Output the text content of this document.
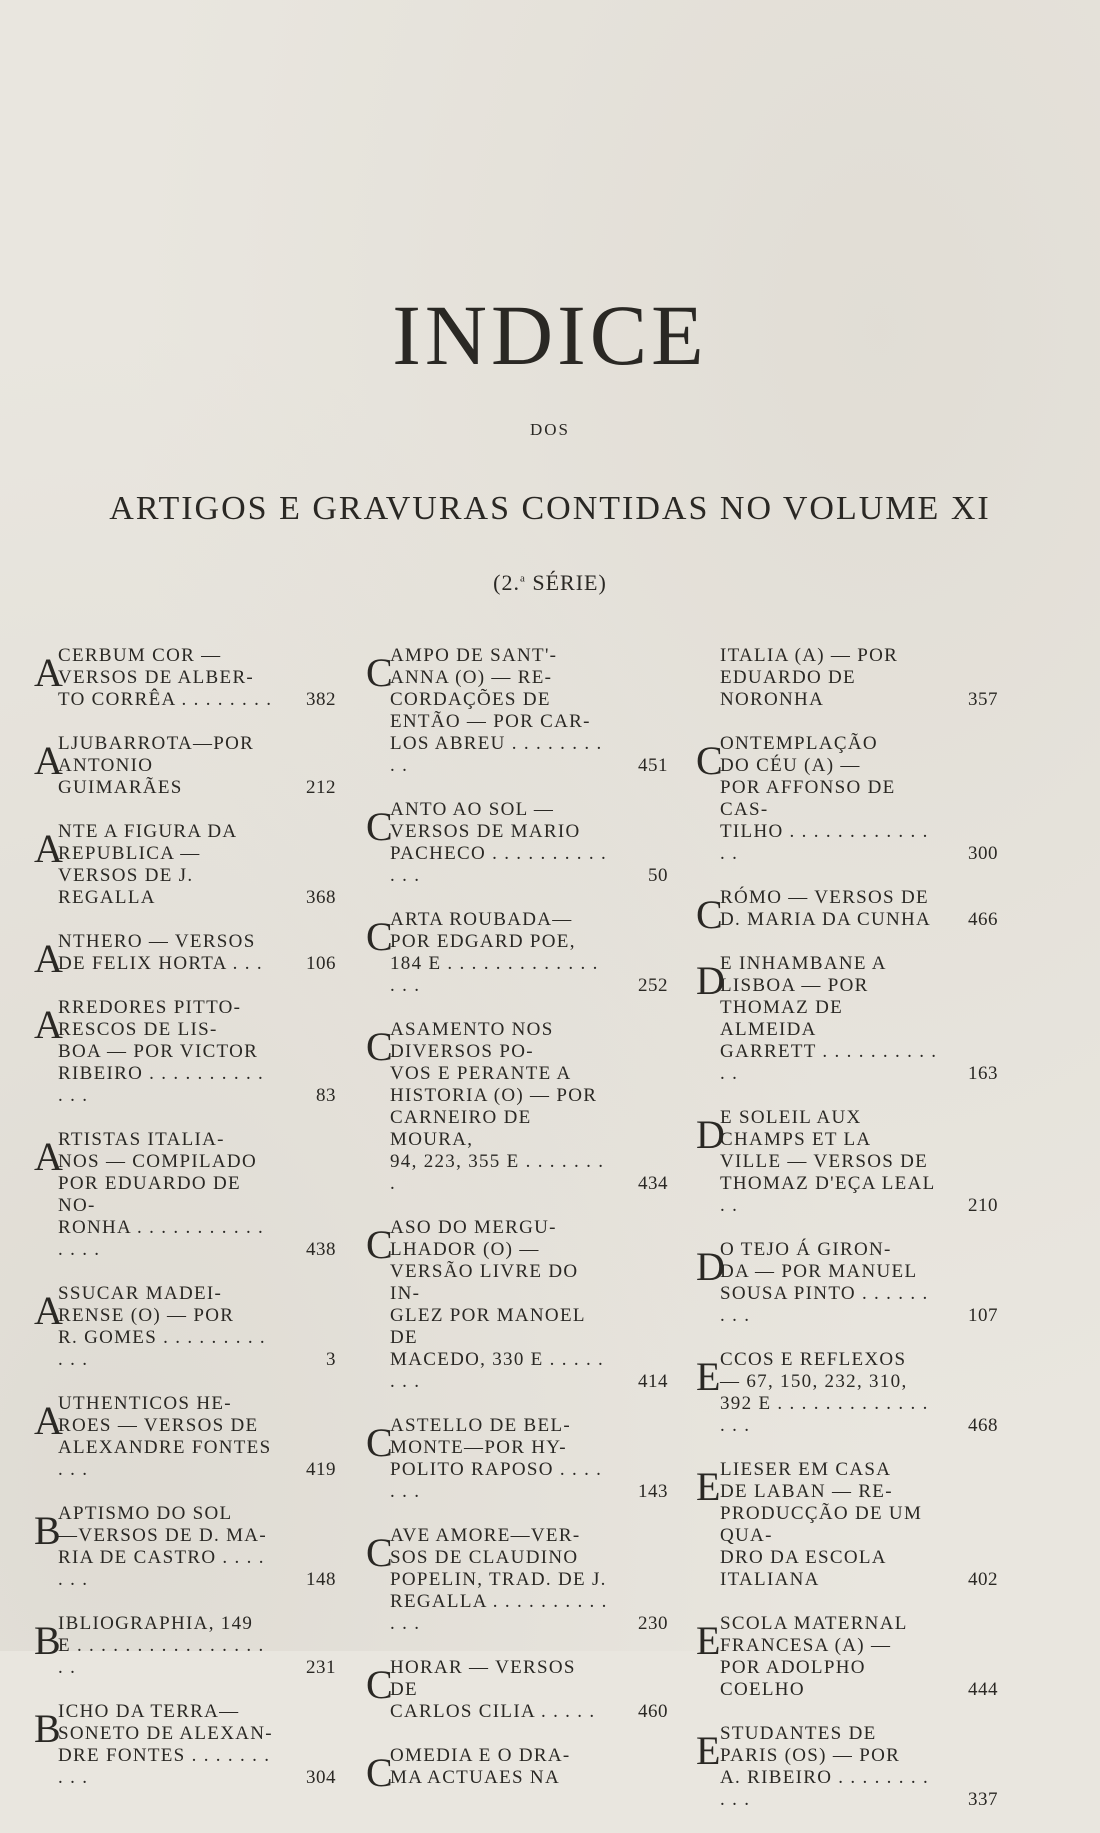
INDICE
DOS
ARTIGOS E GRAVURAS CONTIDAS NO VOLUME XI
(2.$^a$ SÉRIE)
A
CERBUM COR —
VERSOS DE ALBER-
TO CORRÊA . . . . . . . .	382
A
LJUBARROTA—POR
ANTONIO GUIMARÃES	212
A
NTE A FIGURA DA
REPUBLICA —
VERSOS DE J. REGALLA	368
A
NTHERO — VERSOS
DE FELIX HORTA . . .	106
A
RREDORES PITTO-
RESCOS DE LIS-
BOA — POR VICTOR
RIBEIRO . . . . . . . . . . . . .	83
A
RTISTAS ITALIA-
NOS — COMPILADO
POR EDUARDO DE NO-
RONHA . . . . . . . . . . . . . . .	438
A
SSUCAR MADEI-
RENSE (O) — POR
R. GOMES . . . . . . . . . . . .	3
A
UTHENTICOS HE-
ROES — VERSOS DE
ALEXANDRE FONTES . . .	419
B
APTISMO DO SOL
—VERSOS DE D. MA-
RIA DE CASTRO . . . . . . .	148
B
IBLIOGRAPHIA, 149
E . . . . . . . . . . . . . . . . . .	231
B
ICHO DA TERRA—
SONETO DE ALEXAN-
DRE FONTES . . . . . . . . . .	304
C
AMPO DE SANT'-
ANNA (O) — RE-
CORDAÇÕES DE
ENTÃO — POR CAR-
LOS ABREU . . . . . . . . . .	451
C
ANTO AO SOL —
VERSOS DE MARIO
PACHECO . . . . . . . . . . . . .	50
C
ARTA ROUBADA—
POR EDGARD POE,
184 E . . . . . . . . . . . . . . . .	252
C
ASAMENTO NOS
DIVERSOS PO-
VOS E PERANTE A
HISTORIA (O) — POR
CARNEIRO DE MOURA,
94, 223, 355 E . . . . . . . .	434
C
ASO DO MERGU-
LHADOR (O) —
VERSÃO LIVRE DO IN-
GLEZ POR MANOEL DE
MACEDO, 330 E . . . . . . . .	414
C
ASTELLO DE BEL-
MONTE—POR HY-
POLITO RAPOSO . . . . . . .	143
C
AVE AMORE—VER-
SOS DE CLAUDINO
POPELIN, TRAD. DE J.
REGALLA . . . . . . . . . . . . .	230
C
HORAR — VERSOS DE
CARLOS CILIA . . . . .	460
C
OMEDIA E O DRA-
MA ACTUAES NA
ITALIA (A) — POR
EDUARDO DE NORONHA	357
C
ONTEMPLAÇÃO
DO CÉU (A) —
POR AFFONSO DE CAS-
TILHO . . . . . . . . . . . . . .	300
C
RÓMO — VERSOS DE
D. MARIA DA CUNHA	466
D
E INHAMBANE A
LISBOA — POR
THOMAZ DE ALMEIDA
GARRETT . . . . . . . . . . . .	163
D
E SOLEIL AUX
CHAMPS ET LA
VILLE — VERSOS DE
THOMAZ D'EÇA LEAL . .	210
D
O TEJO Á GIRON-
DA — POR MANUEL
SOUSA PINTO . . . . . . . . .	107
E
CCOS E REFLEXOS
— 67, 150, 232, 310,
392 E . . . . . . . . . . . . . . . .	468
E
LIESER EM CASA
DE LABAN — RE-
PRODUCÇÃO DE UM QUA-
DRO DA ESCOLA ITALIANA	402
E
SCOLA MATERNAL
FRANCESA (A) —
POR ADOLPHO COELHO	444
E
STUDANTES DE
PARIS (OS) — POR
A. RIBEIRO . . . . . . . . . . .	337
